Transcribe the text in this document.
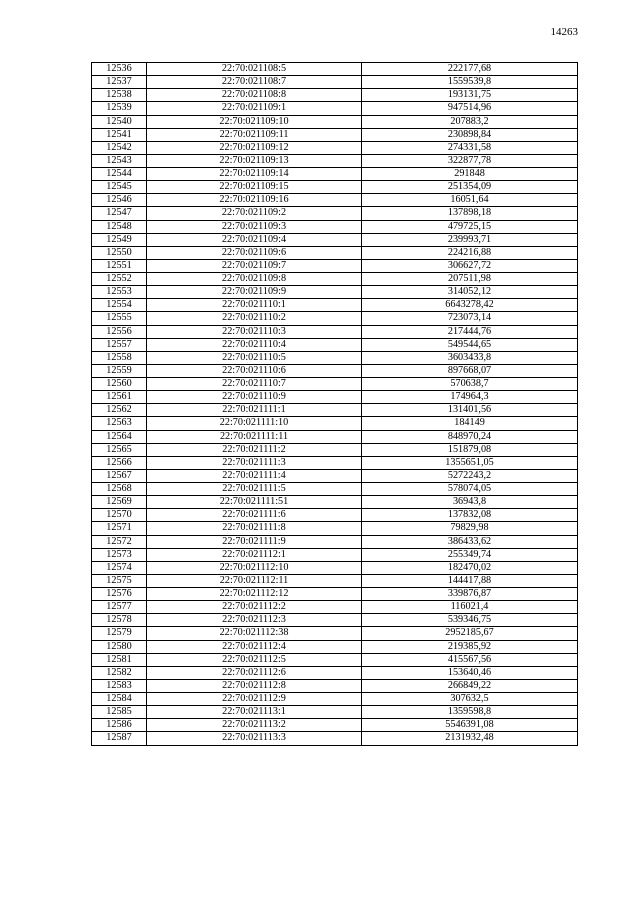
14263
12536	22:70:021108:5	222177,68
12537	22:70:021108:7	1559539,8
12538	22:70:021108:8	193131,75
12539	22:70:021109:1	947514,96
12540	22:70:021109:10	207883,2
12541	22:70:021109:11	230898,84
12542	22:70:021109:12	274331,58
12543	22:70:021109:13	322877,78
12544	22:70:021109:14	291848
12545	22:70:021109:15	251354,09
12546	22:70:021109:16	16051,64
12547	22:70:021109:2	137898,18
12548	22:70:021109:3	479725,15
12549	22:70:021109:4	239993,71
12550	22:70:021109:6	224216,88
12551	22:70:021109:7	306627,72
12552	22:70:021109:8	207511,98
12553	22:70:021109:9	314052,12
12554	22:70:021110:1	6643278,42
12555	22:70:021110:2	723073,14
12556	22:70:021110:3	217444,76
12557	22:70:021110:4	549544,65
12558	22:70:021110:5	3603433,8
12559	22:70:021110:6	897668,07
12560	22:70:021110:7	570638,7
12561	22:70:021110:9	174964,3
12562	22:70:021111:1	131401,56
12563	22:70:021111:10	184149
12564	22:70:021111:11	848970,24
12565	22:70:021111:2	151879,08
12566	22:70:021111:3	1355651,05
12567	22:70:021111:4	5272243,2
12568	22:70:021111:5	578074,05
12569	22:70:021111:51	36943,8
12570	22:70:021111:6	137832,08
12571	22:70:021111:8	79829,98
12572	22:70:021111:9	386433,62
12573	22:70:021112:1	255349,74
12574	22:70:021112:10	182470,02
12575	22:70:021112:11	144417,88
12576	22:70:021112:12	339876,87
12577	22:70:021112:2	116021,4
12578	22:70:021112:3	539346,75
12579	22:70:021112:38	2952185,67
12580	22:70:021112:4	219385,92
12581	22:70:021112:5	415567,56
12582	22:70:021112:6	153640,46
12583	22:70:021112:8	266849,22
12584	22:70:021112:9	307632,5
12585	22:70:021113:1	1359598,8
12586	22:70:021113:2	5546391,08
12587	22:70:021113:3	2131932,48
